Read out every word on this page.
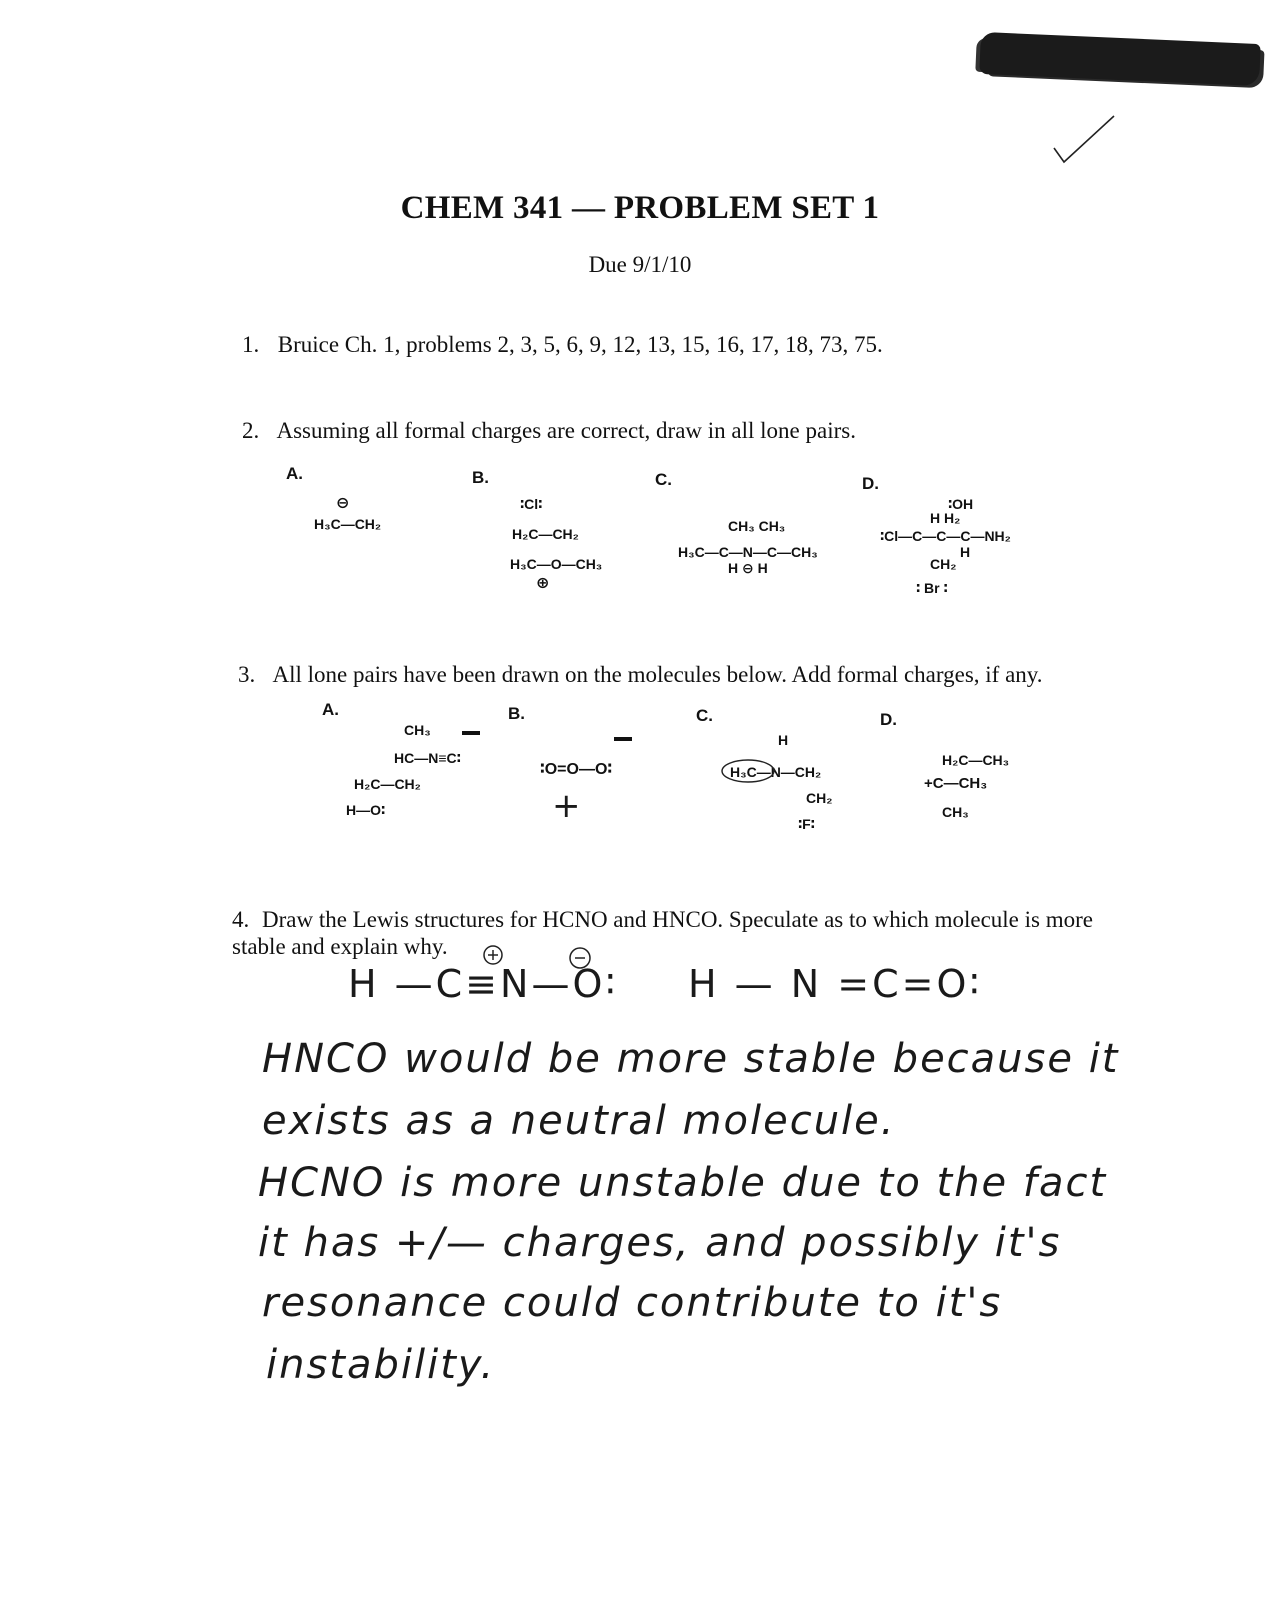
CHEM 341 — PROBLEM SET 1
Due 9/1/10
1. Bruice Ch. 1, problems 2, 3, 5, 6, 9, 12, 13, 15, 16, 17, 18, 73, 75.
2. Assuming all formal charges are correct, draw in all lone pairs.
A.	B.	C.	D.
⊖
H₃C—CH₂
∶Cl∶
H₂C—CH₂
H₃C—O—CH₃
⊕
CH₃ CH₃
H₃C—C—N—C—CH₃
H ⊖ H
∶OH
H H₂
∶Cl—C—C—C—NH₂
H
CH₂
∶ Br ∶
3. All lone pairs have been drawn on the molecules below. Add formal charges, if any.
A.	B.	C.	D.
CH₃
HC—N≡C∶
H₂C—CH₂
H—O∶
∶O=O—O∶
+
H
H₃C—N—CH₂
CH₂
∶F∶
H₂C—CH₃
+C—CH₃
CH₃
4. Draw the Lewis structures for HCNO and HNCO. Speculate as to which molecule is more stable and explain why.
H —C≡N—O∶ H — N =C=O∶
HNCO would be more stable because it
exists as a neutral molecule.
HCNO is more unstable due to the fact
it has +/— charges, and possibly it's
resonance could contribute to it's
instability.
